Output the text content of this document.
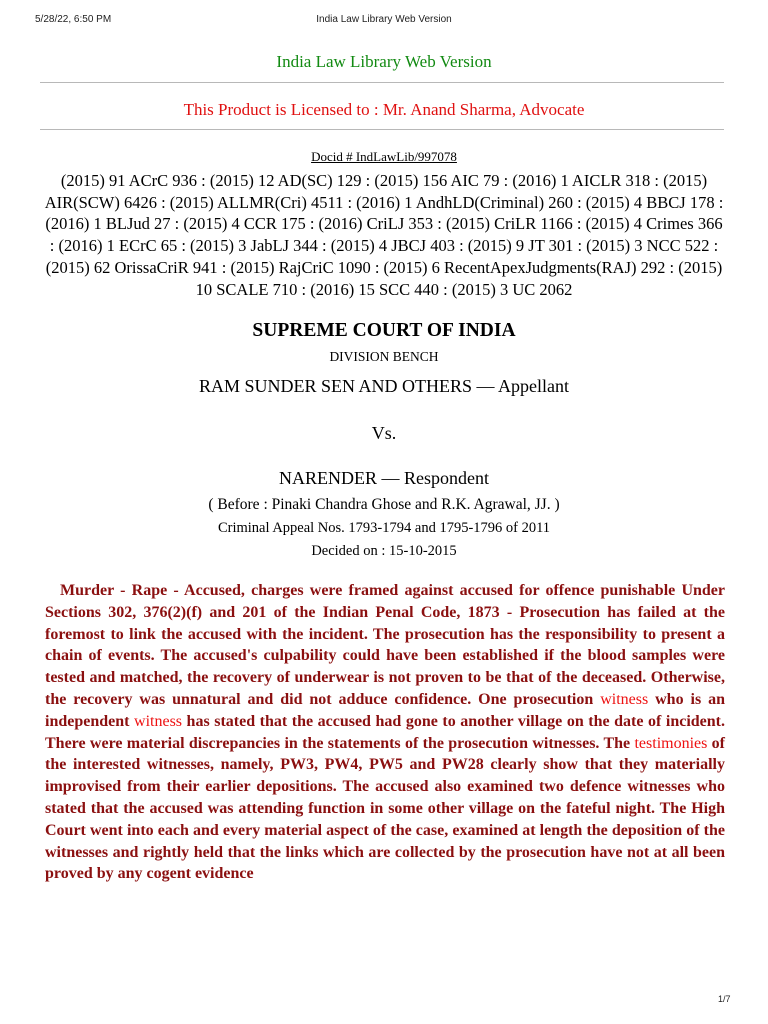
5/28/22, 6:50 PM	India Law Library Web Version
India Law Library Web Version
This Product is Licensed to : Mr. Anand Sharma, Advocate
Docid # IndLawLib/997078
(2015) 91 ACrC 936 : (2015) 12 AD(SC) 129 : (2015) 156 AIC 79 : (2016) 1 AICLR 318 : (2015) AIR(SCW) 6426 : (2015) ALLMR(Cri) 4511 : (2016) 1 AndhLD(Criminal) 260 : (2015) 4 BBCJ 178 : (2016) 1 BLJud 27 : (2015) 4 CCR 175 : (2016) CriLJ 353 : (2015) CriLR 1166 : (2015) 4 Crimes 366 : (2016) 1 ECrC 65 : (2015) 3 JabLJ 344 : (2015) 4 JBCJ 403 : (2015) 9 JT 301 : (2015) 3 NCC 522 : (2015) 62 OrissaCriR 941 : (2015) RajCriC 1090 : (2015) 6 RecentApexJudgments(RAJ) 292 : (2015) 10 SCALE 710 : (2016) 15 SCC 440 : (2015) 3 UC 2062
SUPREME COURT OF INDIA
DIVISION BENCH
RAM SUNDER SEN AND OTHERS — Appellant
Vs.
NARENDER — Respondent
( Before : Pinaki Chandra Ghose and R.K. Agrawal, JJ. )
Criminal Appeal Nos. 1793-1794 and 1795-1796 of 2011
Decided on : 15-10-2015

Murder - Rape - Accused, charges were framed against accused for offence punishable Under Sections 302, 376(2)(f) and 201 of the Indian Penal Code, 1873 - Prosecution has failed at the foremost to link the accused with the incident. The prosecution has the responsibility to present a chain of events. The accused's culpability could have been established if the blood samples were tested and matched, the recovery of underwear is not proven to be that of the deceased. Otherwise, the recovery was unnatural and did not adduce confidence. One prosecution witness who is an independent witness has stated that the accused had gone to another village on the date of incident. There were material discrepancies in the statements of the prosecution witnesses. The testimonies of the interested witnesses, namely, PW3, PW4, PW5 and PW28 clearly show that they materially improvised from their earlier depositions. The accused also examined two defence witnesses who stated that the accused was attending function in some other village on the fateful night. The High Court went into each and every material aspect of the case, examined at length the deposition of the witnesses and rightly held that the links which are collected by the prosecution have not at all been proved by any cogent evidence

1/7
